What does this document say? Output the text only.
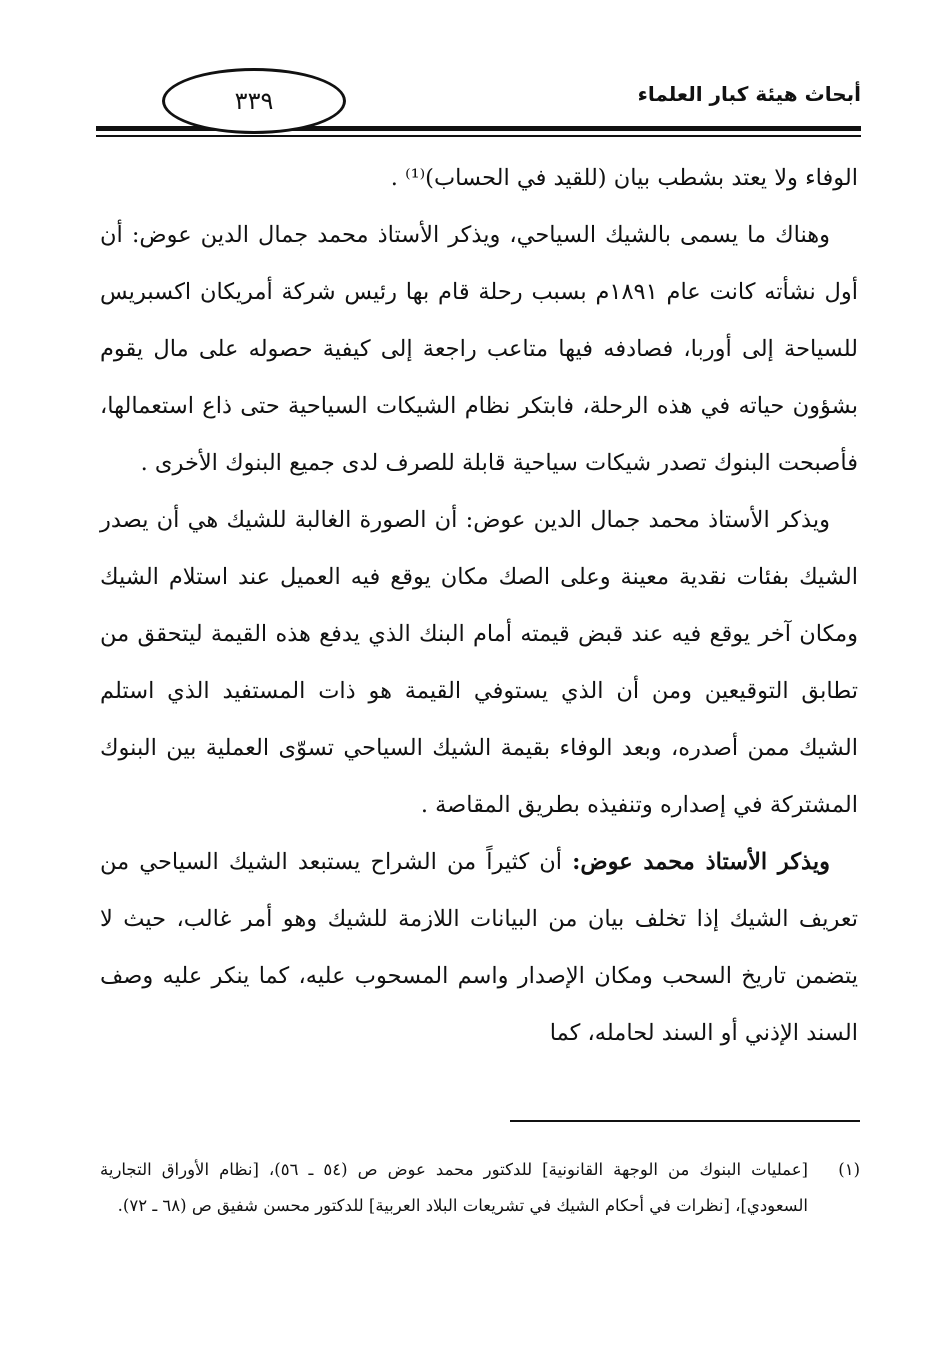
أبحاث هيئة كبار العلماء
٣٣٩

الوفاء ولا يعتد بشطب بيان (للقيد في الحساب)⁽¹⁾ .

وهناك ما يسمى بالشيك السياحي، ويذكر الأستاذ محمد جمال الدين عوض: أن أول نشأته كانت عام ١٨٩١م بسبب رحلة قام بها رئيس شركة أمريكان اكسبريس للسياحة إلى أوربا، فصادفه فيها متاعب راجعة إلى كيفية حصوله على مال يقوم بشؤون حياته في هذه الرحلة، فابتكر نظام الشيكات السياحية حتى ذاع استعمالها، فأصبحت البنوك تصدر شيكات سياحية قابلة للصرف لدى جميع البنوك الأخرى .

ويذكر الأستاذ محمد جمال الدين عوض: أن الصورة الغالبة للشيك هي أن يصدر الشيك بفئات نقدية معينة وعلى الصك مكان يوقع فيه العميل عند استلام الشيك ومكان آخر يوقع فيه عند قبض قيمته أمام البنك الذي يدفع هذه القيمة ليتحقق من تطابق التوقيعين ومن أن الذي يستوفي القيمة هو ذات المستفيد الذي استلم الشيك ممن أصدره، وبعد الوفاء بقيمة الشيك السياحي تسوّى العملية بين البنوك المشتركة في إصداره وتنفيذه بطريق المقاصة .

ويذكر الأستاذ محمد عوض: أن كثيراً من الشراح يستبعد الشيك السياحي من تعريف الشيك إذا تخلف بيان من البيانات اللازمة للشيك وهو أمر غالب، حيث لا يتضمن تاريخ السحب ومكان الإصدار واسم المسحوب عليه، كما ينكر عليه وصف السند الإذني أو السند لحامله، كما

(١)
[عمليات البنوك من الوجهة القانونية] للدكتور محمد عوض ص (٥٤ ـ ٥٦)، [نظام الأوراق التجارية السعودي]، [نظرات في أحكام الشيك في تشريعات البلاد العربية] للدكتور محسن شفيق ص (٦٨ ـ ٧٢).
